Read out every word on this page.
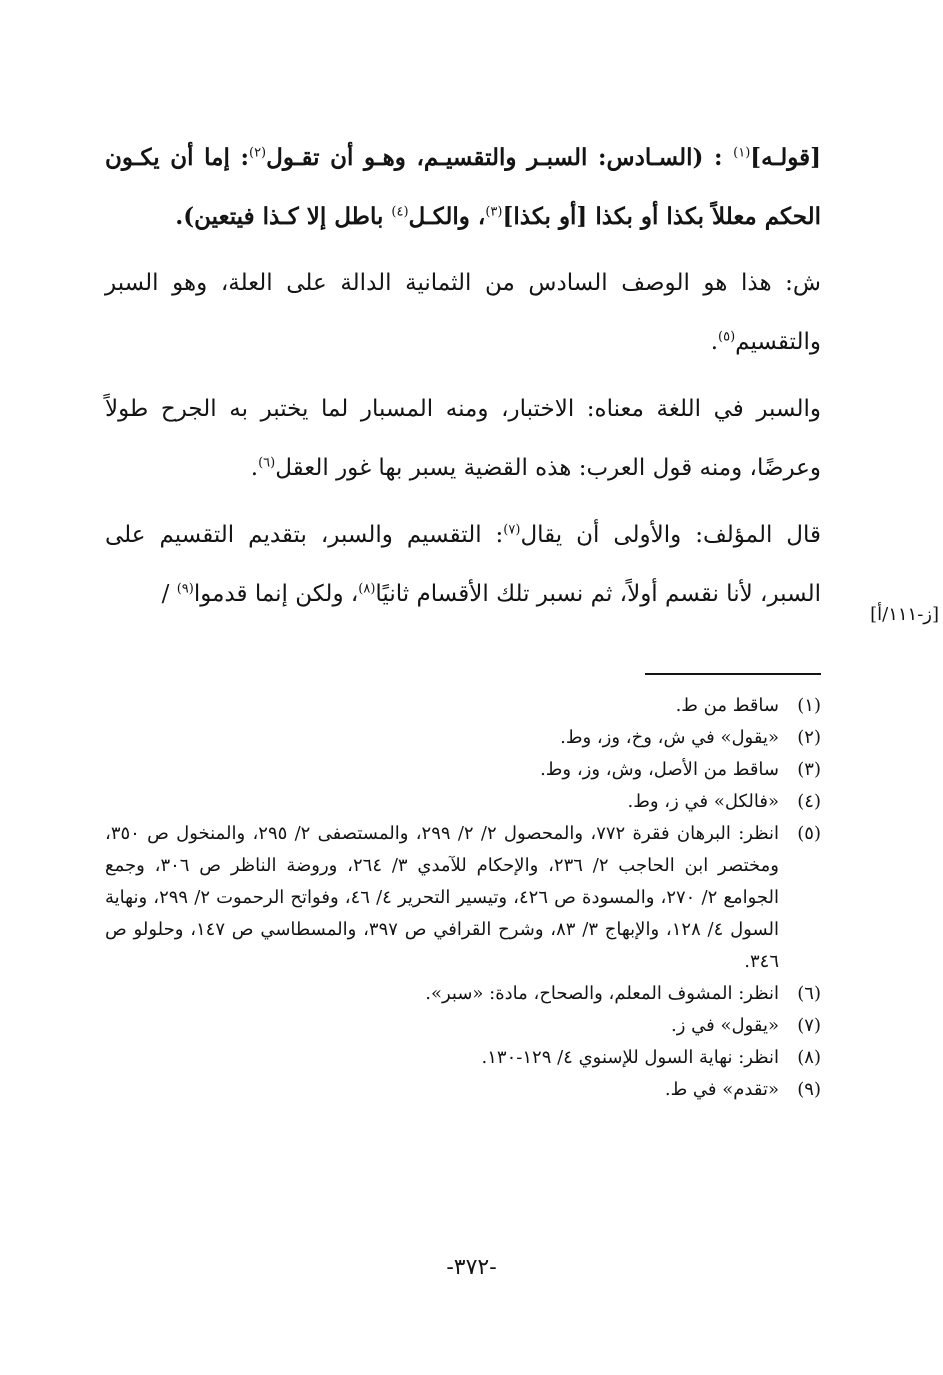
[قولـه]$^{(١)}$ : (السـادس: السبـر والتقسيـم، وهـو أن تقـول$^{(٢)}$: إما أن يكـون الحكم معللاً بكذا أو بكذا [أو بكذا]$^{(٣)}$، والكـل$^{(٤)}$ باطل إلا كـذا فيتعين).

ش: هذا هو الوصف السادس من الثمانية الدالة على العلة، وهو السبر والتقسيم$^{(٥)}$.

والسبر في اللغة معناه: الاختبار، ومنه المسبار لما يختبر به الجرح طولاً وعرضًا، ومنه قول العرب: هذه القضية يسبر بها غور العقل$^{(٦)}$.

قال المؤلف: والأولى أن يقال$^{(٧)}$: التقسيم والسبر، بتقديم التقسيم على السبر، لأنا نقسم أولاً، ثم نسبر تلك الأقسام ثانيًا$^{(٨)}$، ولكن إنما قدموا$^{(٩)}$ /

[ز-١١١/أ]
(١)
ساقط من ط.
(٢)
«يقول» في ش، وخ، وز، وط.
(٣)
ساقط من الأصل، وش، وز، وط.
(٤)
«فالكل» في ز، وط.
(٥)
انظر: البرهان فقرة ٧٧٢، والمحصول ٢/ ٢/ ٢٩٩، والمستصفى ٢/ ٢٩٥، والمنخول ص ٣٥٠، ومختصر ابن الحاجب ٢/ ٢٣٦، والإحكام للآمدي ٣/ ٢٦٤، وروضة الناظر ص ٣٠٦، وجمع الجوامع ٢/ ٢٧٠، والمسودة ص ٤٢٦، وتيسير التحرير ٤/ ٤٦، وفواتح الرحموت ٢/ ٢٩٩، ونهاية السول ٤/ ١٢٨، والإبهاج ٣/ ٨٣، وشرح القرافي ص ٣٩٧، والمسطاسي ص ١٤٧، وحلولو ص ٣٤٦.
(٦)
انظر: المشوف المعلم، والصحاح، مادة: «سبر».
(٧)
«يقول» في ز.
(٨)
انظر: نهاية السول للإسنوي ٤/ ١٢٩-١٣٠.
(٩)
«تقدم» في ط.
-٣٧٢-
